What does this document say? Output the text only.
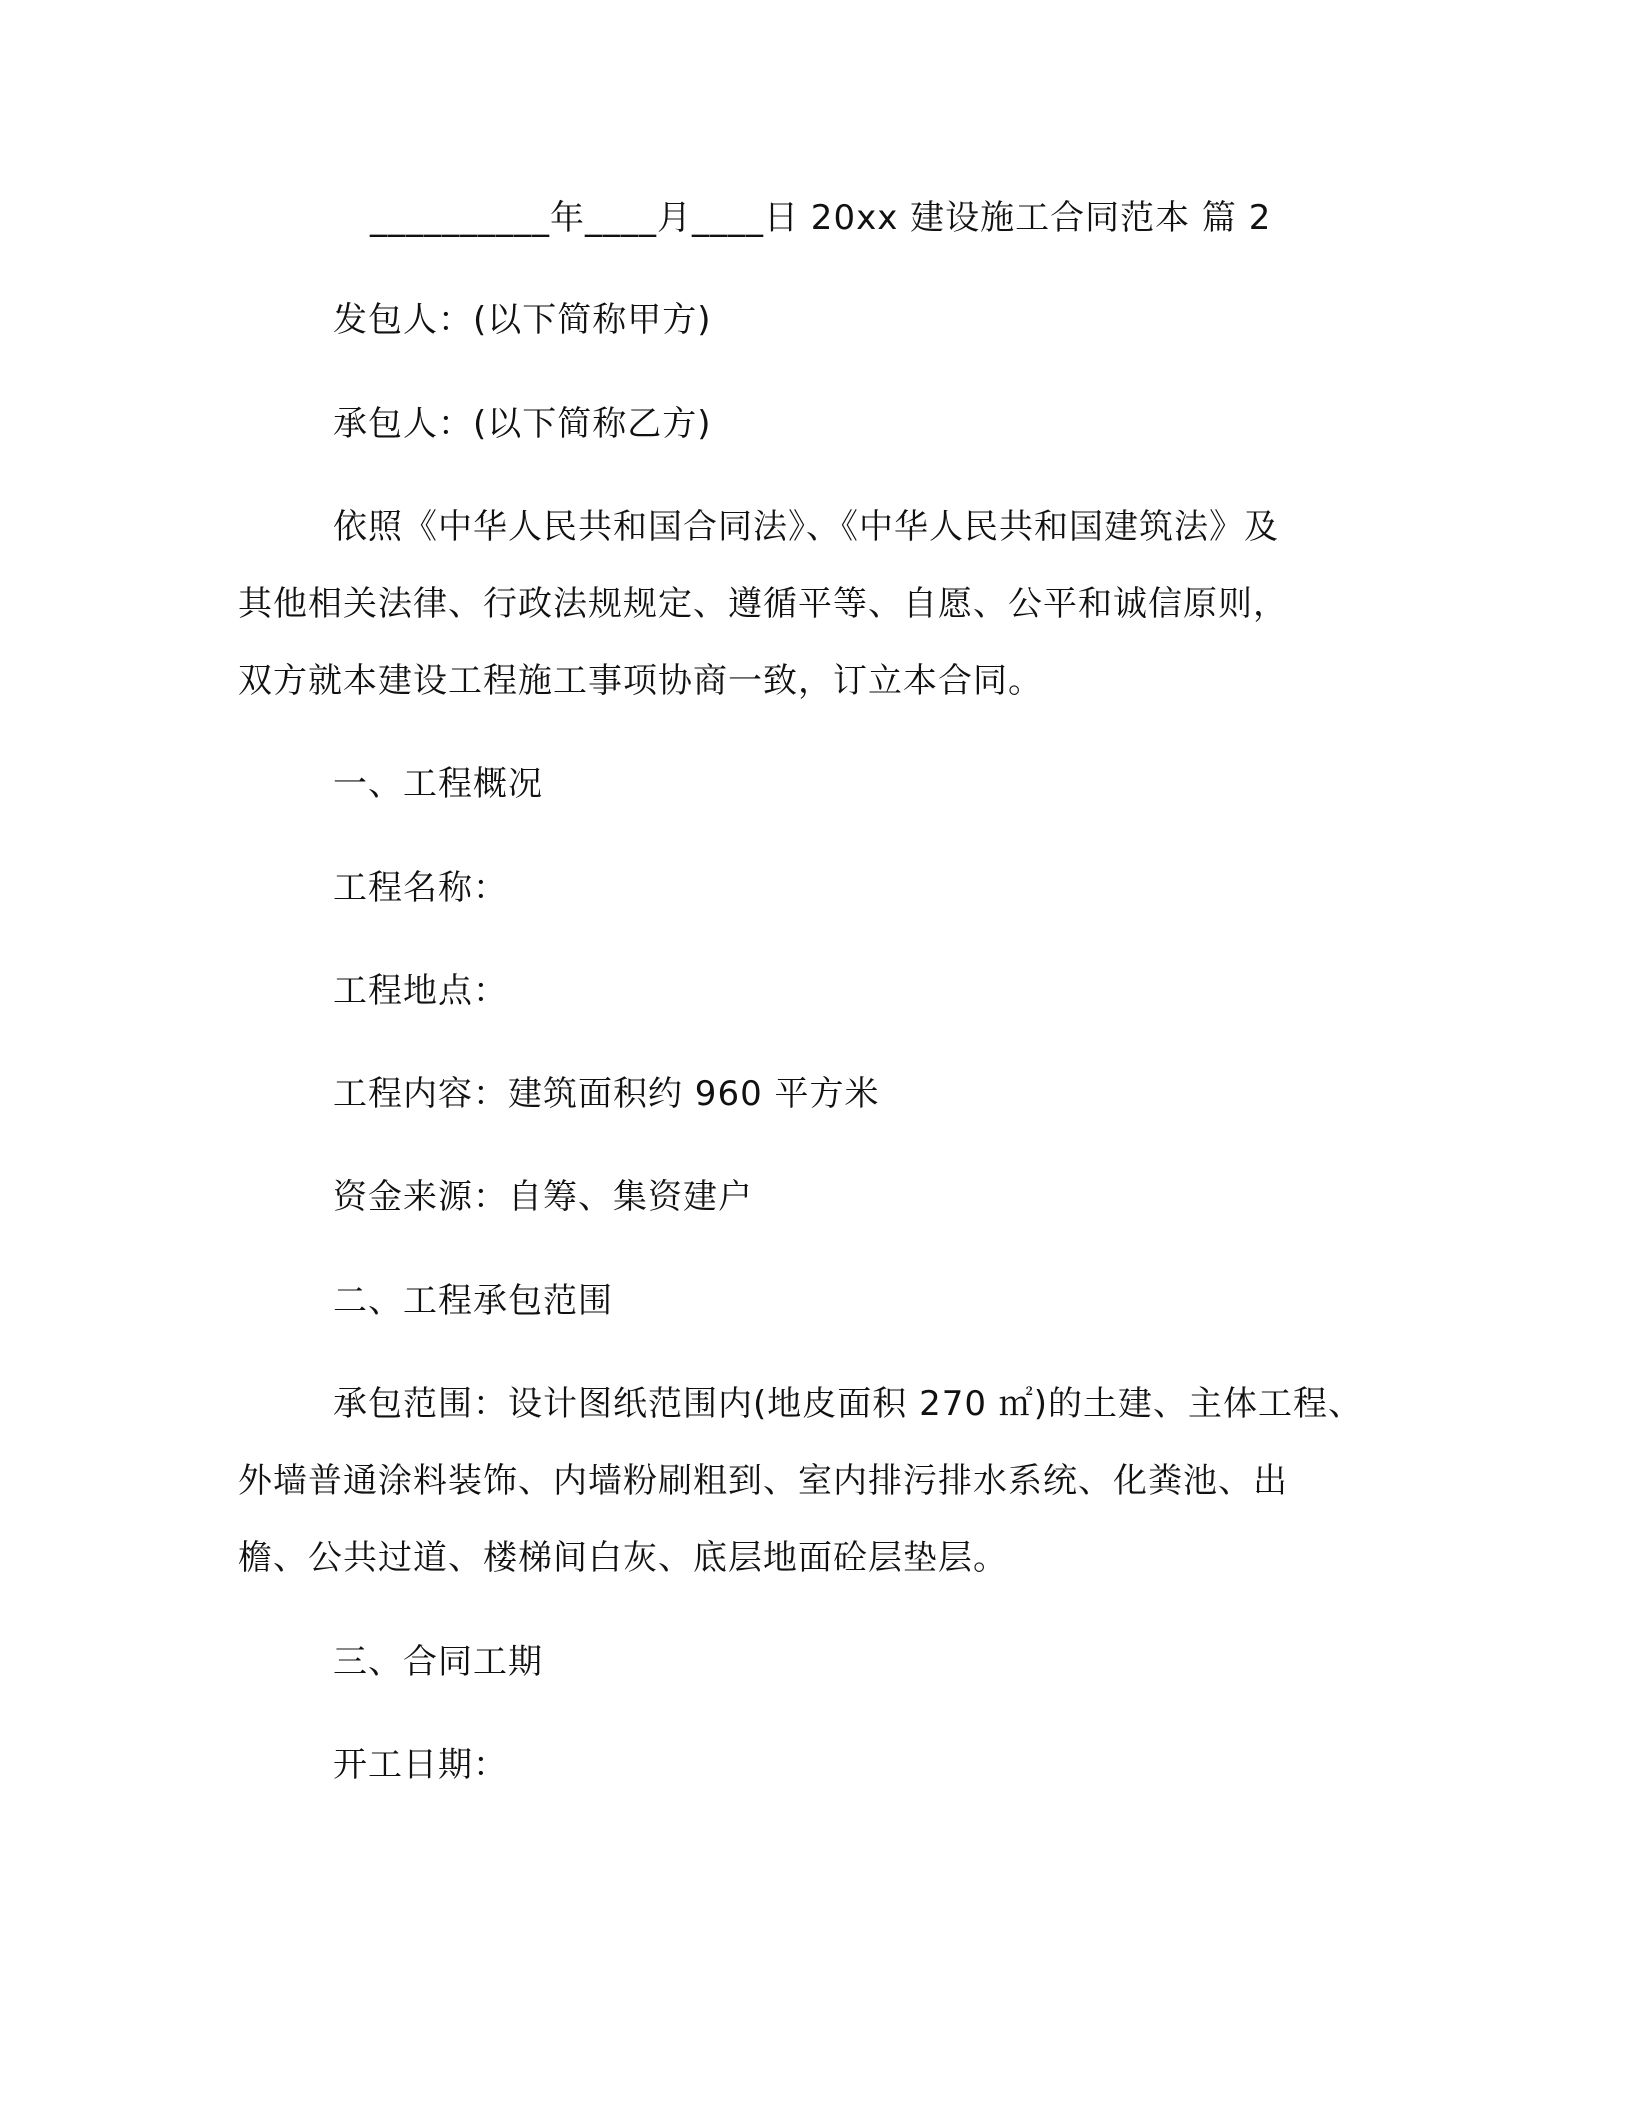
__________年____月____日 20xx 建设施工合同范本 篇 2
发包人：(以下简称甲方)
承包人：(以下简称乙方)
依照《中华人民共和国合同法》、《中华人民共和国建筑法》及
其他相关法律、行政法规规定、遵循平等、自愿、公平和诚信原则，
双方就本建设工程施工事项协商一致，订立本合同。
一、工程概况
工程名称：
工程地点：
工程内容：建筑面积约 960 平方米
资金来源：自筹、集资建户
二、工程承包范围
承包范围：设计图纸范围内(地皮面积 270 ㎡)的土建、主体工程、
外墙普通涂料装饰、内墙粉刷粗到、室内排污排水系统、化粪池、出
檐、公共过道、楼梯间白灰、底层地面砼层垫层。
三、合同工期
开工日期：
